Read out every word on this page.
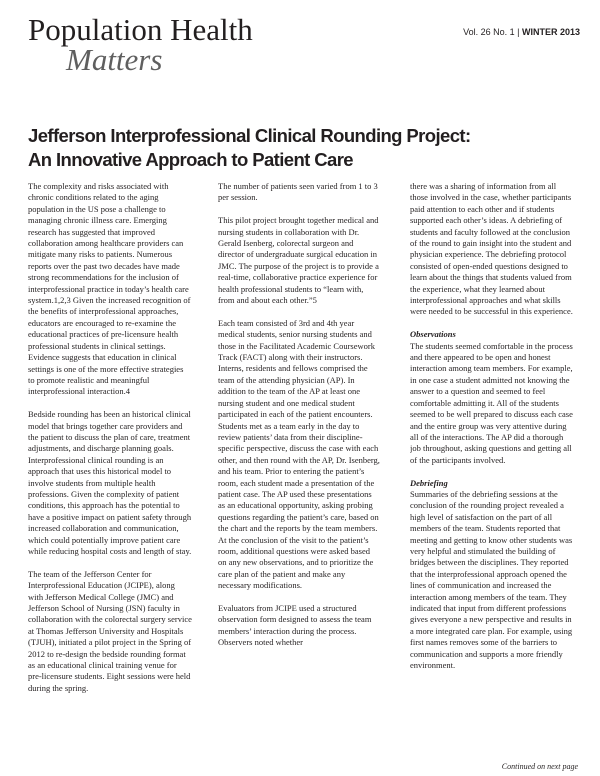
Population Health
Matters
Vol. 26 No. 1 | WINTER 2013
Jefferson Interprofessional Clinical Rounding Project:
An Innovative Approach to Patient Care

The complexity and risks associated with chronic conditions related to the aging population in the US pose a challenge to managing chronic illness care. Emerging research has suggested that improved collaboration among healthcare providers can mitigate many risks to patients. Numerous reports over the past two decades have made strong recommendations for the inclusion of interprofessional practice in today’s health care system.1,2,3 Given the increased recognition of the benefits of interprofessional approaches, educators are encouraged to re-examine the educational practices of pre-licensure health professional students in clinical settings. Evidence suggests that education in clinical settings is one of the more effective strategies to promote realistic and meaningful interprofessional interaction.4

Bedside rounding has been an historical clinical model that brings together care providers and the patient to discuss the plan of care, treatment adjustments, and discharge planning goals. Interprofessional clinical rounding is an approach that uses this historical model to involve students from multiple health professions. Given the complexity of patient conditions, this approach has the potential to have a positive impact on patient safety through increased collaboration and communication, which could potentially improve patient care while reducing hospital costs and length of stay.

The team of the Jefferson Center for Interprofessional Education (JCIPE), along with Jefferson Medical College (JMC) and Jefferson School of Nursing (JSN) faculty in collaboration with the colorectal surgery service at Thomas Jefferson University and Hospitals (TJUH), initiated a pilot project in the Spring of 2012 to re-design the bedside rounding format as an educational clinical training venue for pre-licensure students. Eight sessions were held during the spring.

The number of patients seen varied from 1 to 3 per session.

This pilot project brought together medical and nursing students in collaboration with Dr. Gerald Isenberg, colorectal surgeon and director of undergraduate surgical education in JMC. The purpose of the project is to provide a real-time, collaborative practice experience for health professional students to “learn with, from and about each other.”5

Each team consisted of 3rd and 4th year medical students, senior nursing students and those in the Facilitated Academic Coursework Track (FACT) along with their instructors. Interns, residents and fellows comprised the team of the attending physician (AP). In addition to the team of the AP at least one nursing student and one medical student participated in each of the patient encounters. Students met as a team early in the day to review patients’ data from their discipline-specific perspective, discuss the case with each other, and then round with the AP, Dr. Isenberg, and his team. Prior to entering the patient’s room, each student made a presentation of the patient case. The AP used these presentations as an educational opportunity, asking probing questions regarding the patient’s care, based on the chart and the reports by the team members. At the conclusion of the visit to the patient’s room, additional questions were asked based on any new observations, and to prioritize the care plan of the patient and make any necessary modifications.

Evaluators from JCIPE used a structured observation form designed to assess the team members’ interaction during the process. Observers noted whether

there was a sharing of information from all those involved in the case, whether participants paid attention to each other and if students supported each other’s ideas. A debriefing of students and faculty followed at the conclusion of the round to gain insight into the student and physician experience. The debriefing protocol consisted of open-ended questions designed to learn about the things that students valued from the experience, what they learned about interprofessional approaches and what skills were needed to be successful in this experience.

Observations

The students seemed comfortable in the process and there appeared to be open and honest interaction among team members. For example, in one case a student admitted not knowing the answer to a question and seemed to feel comfortable admitting it. All of the students seemed to be well prepared to discuss each case and the entire group was very attentive during all of the interactions. The AP did a thorough job throughout, asking questions and getting all of the participants involved.

Debriefing

Summaries of the debriefing sessions at the conclusion of the rounding project revealed a high level of satisfaction on the part of all members of the team. Students reported that meeting and getting to know other students was very helpful and stimulated the building of bridges between the disciplines. They reported that the interprofessional approach opened the lines of communication and increased the interaction among members of the team. They indicated that input from different professions gives everyone a new perspective and results in a more integrated care plan. For example, using first names removes some of the barriers to communication and supports a more friendly environment.

Continued on next page
